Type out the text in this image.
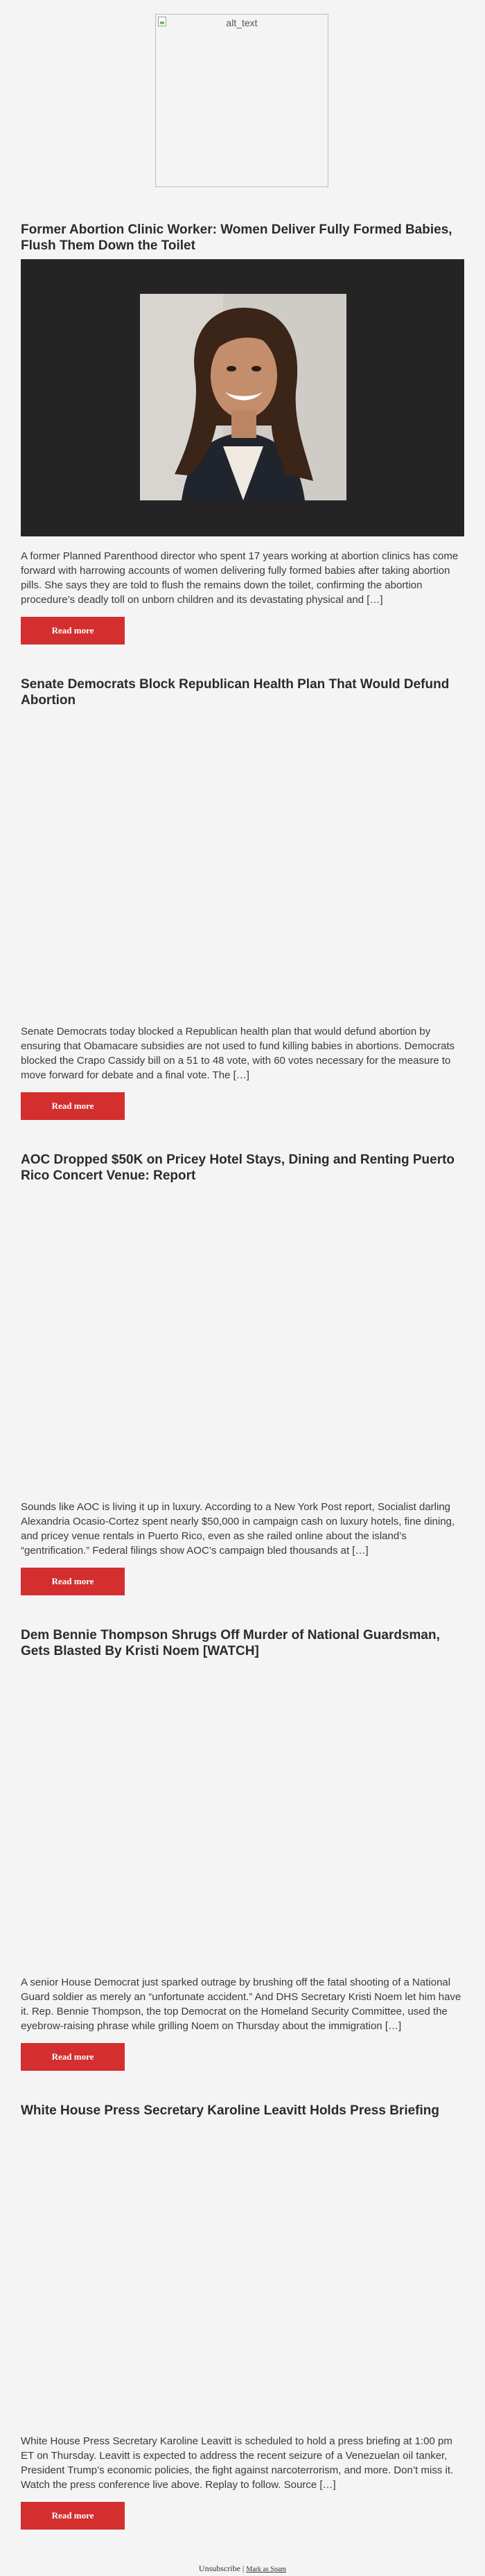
alt_text
Former Abortion Clinic Worker: Women Deliver Fully Formed Babies, Flush Them Down the Toilet

A former Planned Parenthood director who spent 17 years working at abortion clinics has come forward with harrowing accounts of women delivering fully formed babies after taking abortion pills. She says they are told to flush the remains down the toilet, confirming the abortion procedure’s deadly toll on unborn children and its devastating physical and […]

Read more
Senate Democrats Block Republican Health Plan That Would Defund Abortion

Senate Democrats today blocked a Republican health plan that would defund abortion by ensuring that Obamacare subsidies are not used to fund killing babies in abortions. Democrats blocked the Crapo Cassidy bill on a 51 to 48 vote, with 60 votes necessary for the measure to move forward for debate and a final vote. The […]

Read more
AOC Dropped $50K on Pricey Hotel Stays, Dining and Renting Puerto Rico Concert Venue: Report

Sounds like AOC is living it up in luxury. According to a New York Post report, Socialist darling Alexandria Ocasio-Cortez spent nearly $50,000 in campaign cash on luxury hotels, fine dining, and pricey venue rentals in Puerto Rico, even as she railed online about the island’s “gentrification.” Federal filings show AOC’s campaign bled thousands at […]

Read more
Dem Bennie Thompson Shrugs Off Murder of National Guardsman, Gets Blasted By Kristi Noem [WATCH]

A senior House Democrat just sparked outrage by brushing off the fatal shooting of a National Guard soldier as merely an “unfortunate accident.” And DHS Secretary Kristi Noem let him have it. Rep. Bennie Thompson, the top Democrat on the Homeland Security Committee, used the eyebrow-raising phrase while grilling Noem on Thursday about the immigration […]

Read more
White House Press Secretary Karoline Leavitt Holds Press Briefing

White House Press Secretary Karoline Leavitt is scheduled to hold a press briefing at 1:00 pm ET on Thursday. Leavitt is expected to address the recent seizure of a Venezuelan oil tanker, President Trump’s economic policies, the fight against narcoterrorism, and more. Don’t miss it. Watch the press conference live above. Replay to follow. Source […]

Read more
Unsubscribe | Mark as Spam
